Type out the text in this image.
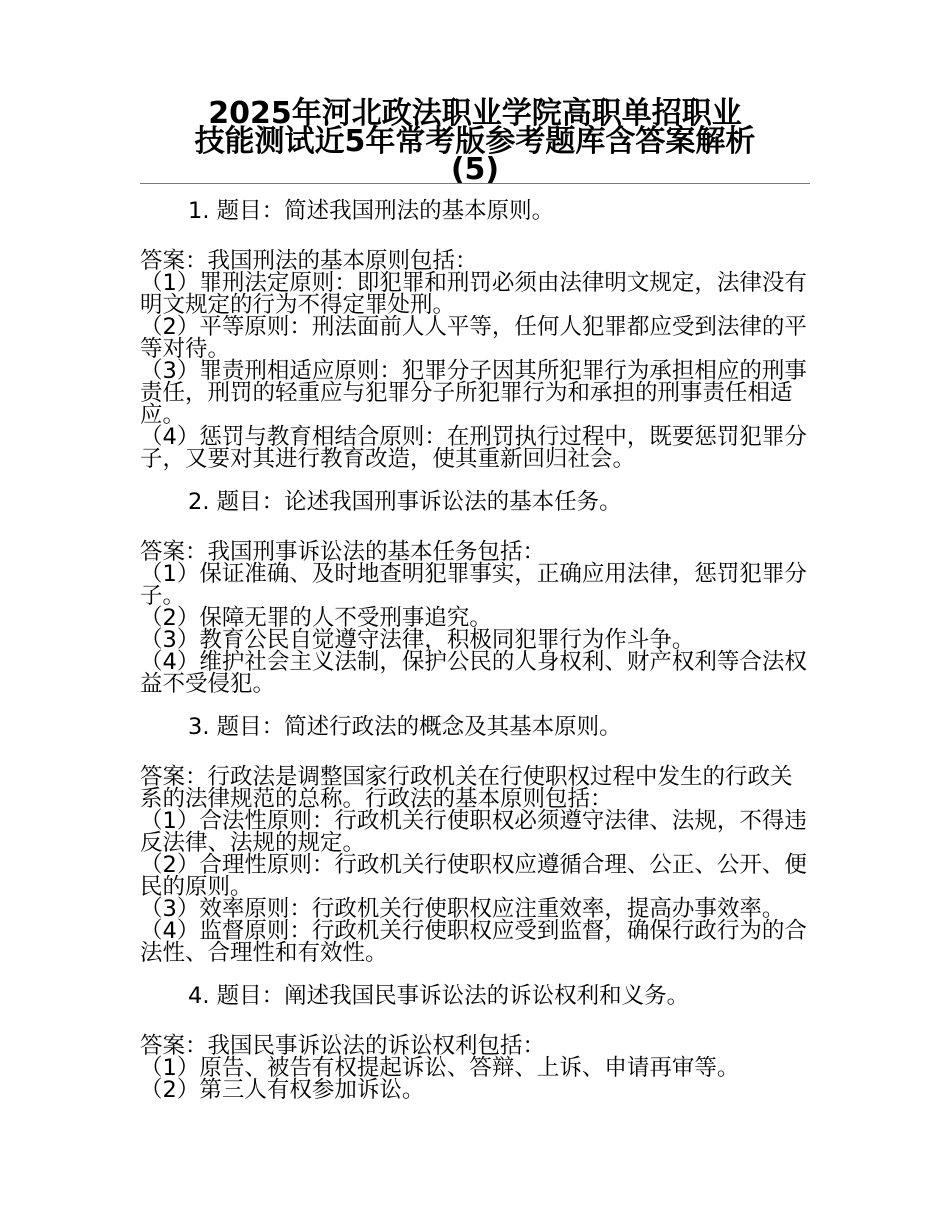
2025年河北政法职业学院高职单招职业
技能测试近5年常考版参考题库含答案解析
(5)

1. 题目：简述我国刑法的基本原则。

答案：我国刑法的基本原则包括：

（1）罪刑法定原则：即犯罪和刑罚必须由法律明文规定，法律没有明文规定的行为不得定罪处刑。

（2）平等原则：刑法面前人人平等，任何人犯罪都应受到法律的平等对待。

（3）罪责刑相适应原则：犯罪分子因其所犯罪行为承担相应的刑事责任，刑罚的轻重应与犯罪分子所犯罪行为和承担的刑事责任相适应。

（4）惩罚与教育相结合原则：在刑罚执行过程中，既要惩罚犯罪分子，又要对其进行教育改造，使其重新回归社会。

2. 题目：论述我国刑事诉讼法的基本任务。

答案：我国刑事诉讼法的基本任务包括：

（1）保证准确、及时地查明犯罪事实，正确应用法律，惩罚犯罪分子。

（2）保障无罪的人不受刑事追究。

（3）教育公民自觉遵守法律，积极同犯罪行为作斗争。

（4）维护社会主义法制，保护公民的人身权利、财产权利等合法权益不受侵犯。

3. 题目：简述行政法的概念及其基本原则。

答案：行政法是调整国家行政机关在行使职权过程中发生的行政关系的法律规范的总称。行政法的基本原则包括：

（1）合法性原则：行政机关行使职权必须遵守法律、法规，不得违反法律、法规的规定。

（2）合理性原则：行政机关行使职权应遵循合理、公正、公开、便民的原则。

（3）效率原则：行政机关行使职权应注重效率，提高办事效率。

（4）监督原则：行政机关行使职权应受到监督，确保行政行为的合法性、合理性和有效性。

4. 题目：阐述我国民事诉讼法的诉讼权利和义务。

答案：我国民事诉讼法的诉讼权利包括：

（1）原告、被告有权提起诉讼、答辩、上诉、申请再审等。

（2）第三人有权参加诉讼。
